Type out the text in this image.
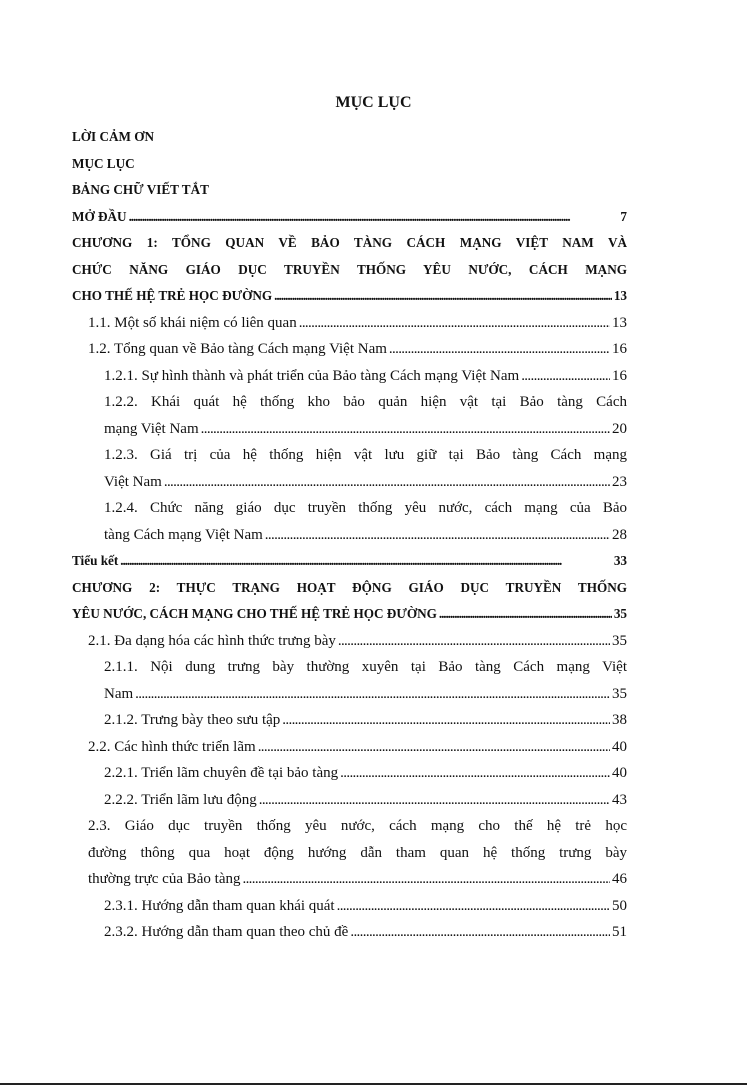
MỤC LỤC
LỜI CẢM ƠN
MỤC LỤC
BẢNG CHỮ VIẾT TẮT
MỞ ĐẦU . . .	7
CHƯƠNG 1: TỔNG QUAN VỀ BẢO TÀNG CÁCH MẠNG VIỆT NAM VÀ
CHỨC NĂNG GIÁO DỤC TRUYỀN THỐNG YÊU NƯỚC, CÁCH MẠNG
CHO THẾ HỆ TRẺ HỌC ĐƯỜNG . . .	13
1.1. Một số khái niệm có liên quan . . .	13
1.2. Tổng quan về Bảo tàng Cách mạng Việt Nam . . .	16
1.2.1. Sự hình thành và phát triển của Bảo tàng Cách mạng Việt Nam . . .	16
1.2.2. Khái quát hệ thống kho bảo quản hiện vật tại Bảo tàng Cách
mạng Việt Nam . . .	20
1.2.3. Giá trị của hệ thống hiện vật lưu giữ tại Bảo tàng Cách mạng
Việt Nam . . .	23
1.2.4. Chức năng giáo dục truyền thống yêu nước, cách mạng của Bảo
tàng Cách mạng Việt Nam . . .	28
Tiểu kết . . .	33
CHƯƠNG 2: THỰC TRẠNG HOẠT ĐỘNG GIÁO DỤC TRUYỀN THỐNG
YÊU NƯỚC, CÁCH MẠNG CHO THẾ HỆ TRẺ HỌC ĐƯỜNG . . .	35
2.1. Đa dạng hóa các hình thức trưng bày . . .	35
2.1.1. Nội dung trưng bày thường xuyên tại Bảo tàng Cách mạng Việt
Nam . . .	35
2.1.2. Trưng bày theo sưu tập . . .	38
2.2. Các hình thức triển lãm . . .	40
2.2.1. Triển lãm chuyên đề tại bảo tàng . . .	40
2.2.2. Triển lãm lưu động . . .	43
2.3. Giáo dục truyền thống yêu nước, cách mạng cho thế hệ trẻ học
đường thông qua hoạt động hướng dẫn tham quan hệ thống trưng bày
thường trực của Bảo tàng . . .	46
2.3.1. Hướng dẫn tham quan khái quát . . .	50
2.3.2. Hướng dẫn tham quan theo chủ đề . . .	51
